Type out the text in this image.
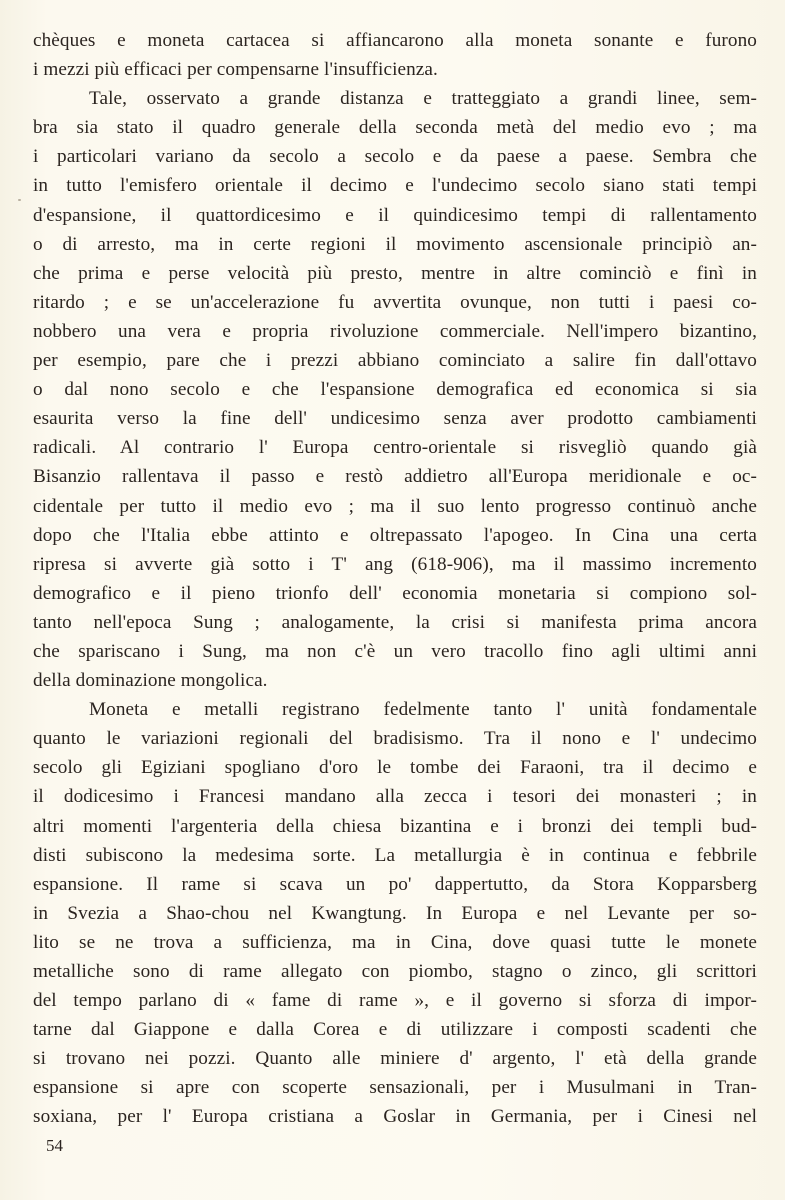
chèques e moneta cartacea si affiancarono alla moneta sonante e furono
i mezzi più efficaci per compensarne l'insufficienza.
Tale, osservato a grande distanza e tratteggiato a grandi linee, sem-
bra sia stato il quadro generale della seconda metà del medio evo ; ma
i particolari variano da secolo a secolo e da paese a paese. Sembra che
in tutto l'emisfero orientale il decimo e l'undecimo secolo siano stati tempi
d'espansione, il quattordicesimo e il quindicesimo tempi di rallentamento
o di arresto, ma in certe regioni il movimento ascensionale principiò an-
che prima e perse velocità più presto, mentre in altre cominciò e finì in
ritardo ; e se un'accelerazione fu avvertita ovunque, non tutti i paesi co-
nobbero una vera e propria rivoluzione commerciale. Nell'impero bizantino,
per esempio, pare che i prezzi abbiano cominciato a salire fin dall'ottavo
o dal nono secolo e che l'espansione demografica ed economica si sia
esaurita verso la fine dell' undicesimo senza aver prodotto cambiamenti
radicali. Al contrario l' Europa centro-orientale si risvegliò quando già
Bisanzio rallentava il passo e restò addietro all'Europa meridionale e oc-
cidentale per tutto il medio evo ; ma il suo lento progresso continuò anche
dopo che l'Italia ebbe attinto e oltrepassato l'apogeo. In Cina una certa
ripresa si avverte già sotto i T' ang (618-906), ma il massimo incremento
demografico e il pieno trionfo dell' economia monetaria si compiono sol-
tanto nell'epoca Sung ; analogamente, la crisi si manifesta prima ancora
che spariscano i Sung, ma non c'è un vero tracollo fino agli ultimi anni
della dominazione mongolica.
Moneta e metalli registrano fedelmente tanto l' unità fondamentale
quanto le variazioni regionali del bradisismo. Tra il nono e l' undecimo
secolo gli Egiziani spogliano d'oro le tombe dei Faraoni, tra il decimo e
il dodicesimo i Francesi mandano alla zecca i tesori dei monasteri ; in
altri momenti l'argenteria della chiesa bizantina e i bronzi dei templi bud-
disti subiscono la medesima sorte. La metallurgia è in continua e febbrile
espansione. Il rame si scava un po' dappertutto, da Stora Kopparsberg
in Svezia a Shao-chou nel Kwangtung. In Europa e nel Levante per so-
lito se ne trova a sufficienza, ma in Cina, dove quasi tutte le monete
metalliche sono di rame allegato con piombo, stagno o zinco, gli scrittori
del tempo parlano di « fame di rame », e il governo si sforza di impor-
tarne dal Giappone e dalla Corea e di utilizzare i composti scadenti che
si trovano nei pozzi. Quanto alle miniere d' argento, l' età della grande
espansione si apre con scoperte sensazionali, per i Musulmani in Tran-
soxiana, per l' Europa cristiana a Goslar in Germania, per i Cinesi nel
54
